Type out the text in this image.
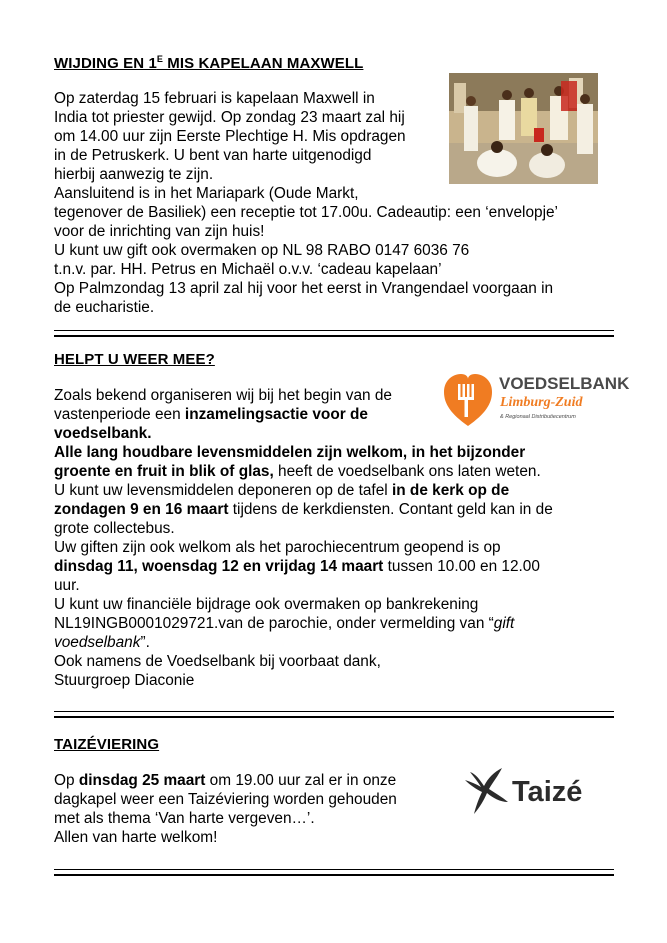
WIJDING EN $1^E$ MIS KAPELAAN MAXWELL
Op zaterdag 15 februari is kapelaan Maxwell in
India tot priester gewijd. Op zondag 23 maart zal hij
om 14.00 uur zijn Eerste Plechtige H. Mis opdragen
in de Petruskerk. U bent van harte uitgenodigd
hierbij aanwezig te zijn.
Aansluitend is in het Mariapark (Oude Markt,
tegenover de Basiliek) een receptie tot 17.00u. Cadeautip: een ‘envelopje’
voor de inrichting van zijn huis!
U kunt uw gift ook overmaken op NL 98 RABO 0147 6036 76
t.n.v. par. HH. Petrus en Michaël o.v.v. ‘cadeau kapelaan’
Op Palmzondag 13 april zal hij voor het eerst in Vrangendael voorgaan in
de eucharistie.
HELPT U WEER MEE?
Zoals bekend organiseren wij bij het begin van de
vastenperiode een inzamelingsactie voor de
voedselbank.
Alle lang houdbare levensmiddelen zijn welkom, in het bijzonder
groente en fruit in blik of glas, heeft de voedselbank ons laten weten.
U kunt uw levensmiddelen deponeren op de tafel in de kerk op de
zondagen 9 en 16 maart tijdens de kerkdiensten. Contant geld kan in de
grote collectebus.
Uw giften zijn ook welkom als het parochiecentrum geopend is op
dinsdag 11, woensdag 12 en vrijdag 14 maart tussen 10.00 en 12.00
uur.
U kunt uw financiële bijdrage ook overmaken op bankrekening
NL19INGB0001029721.van de parochie, onder vermelding van “gift
voedselbank”.
Ook namens de Voedselbank bij voorbaat dank,
Stuurgroep Diaconie
VOEDSELBANK
Limburg-Zuid
& Regionaal Distributiecentrum
TAIZÉVIERING
Op dinsdag 25 maart om 19.00 uur zal er in onze
dagkapel weer een Taizéviering worden gehouden
met als thema ‘Van harte vergeven…’.
Allen van harte welkom!
Taizé
